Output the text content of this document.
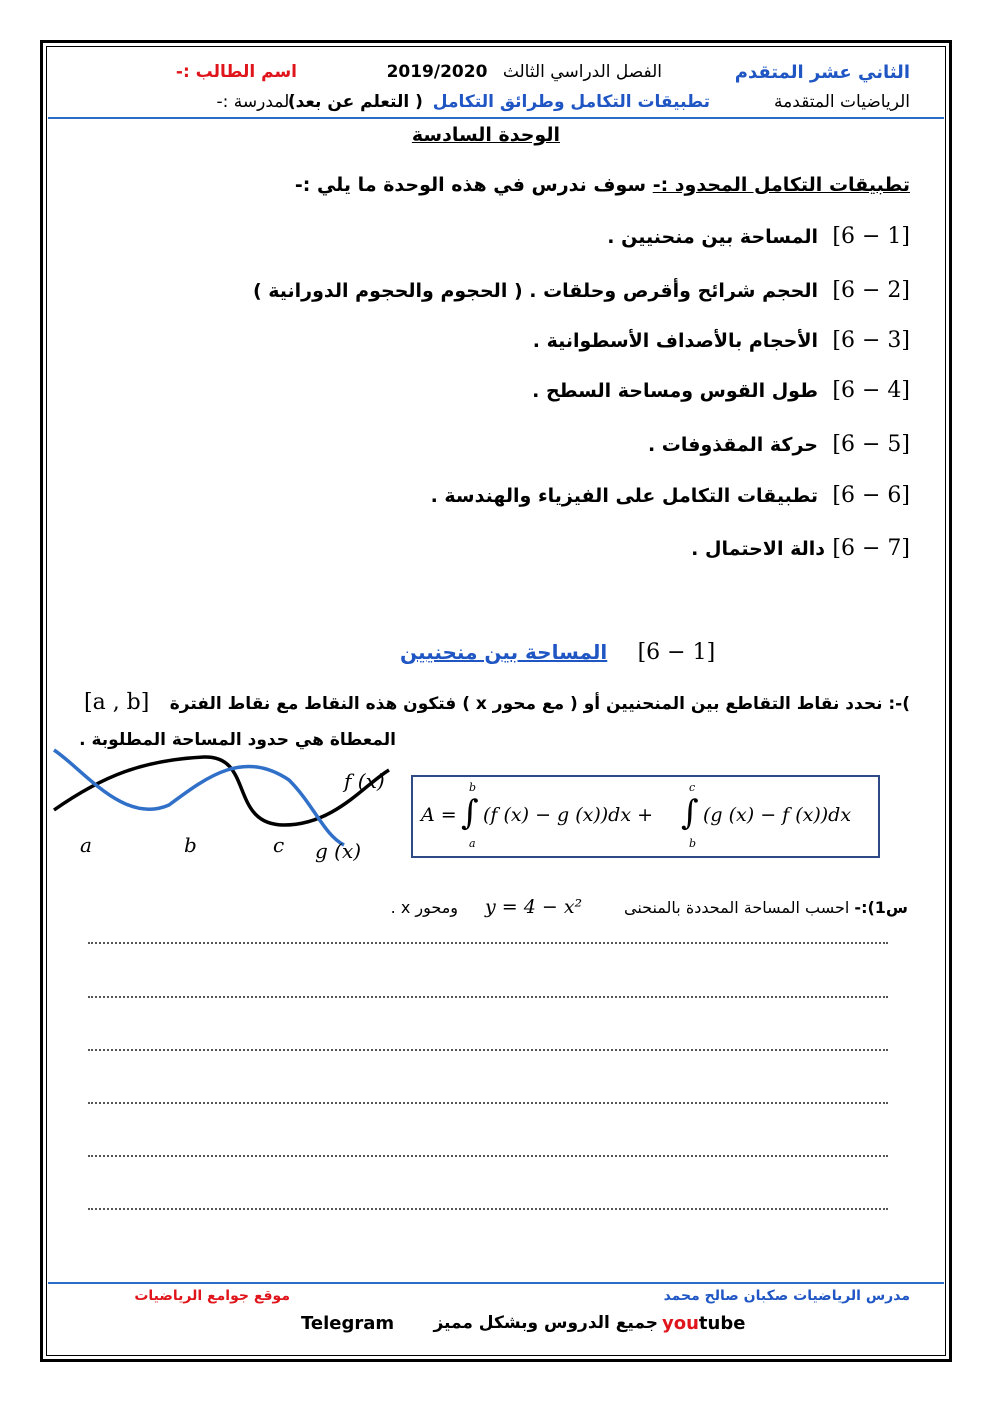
الثاني عشر المتقدم
الفصل الدراسي الثالث 2019/2020
اسم الطالب :-
الرياضيات المتقدمة
تطبيقات التكامل وطرائق التكامل ( التعلم عن بعد)
المدرسة :-
الوحدة السادسة
تطبيقات التكامل المحدود :- سوف ندرس في هذه الوحدة ما يلي :-
[6 − 1]
المساحة بين منحنيين .
[6 − 2]
الحجم شرائح وأقرص وحلقات . ( الحجوم والحجوم الدورانية )
[6 − 3]
الأحجام بالأصداف الأسطوانية .
[6 − 4]
طول القوس ومساحة السطح .
[6 − 5]
حركة المقذوفات .
[6 − 6]
تطبيقات التكامل على الفيزياء والهندسة .
[6 − 7]
دالة الاحتمال .
المساحة بين منحنيين [6 − 1]
)-: نحدد نقاط التقاطع بين المنحنيين أو ( مع محور x ) فتكون هذه النقاط مع نقاط الفترة
[a , b]
المعطاة هي حدود المساحة المطلوبة .
f (x)
g (x)
a	b	c
A = ∫
b
a
(f (x) − g (x))dx + ∫
c
b
(g (x) − f (x))dx
س1):- احسب المساحة المحددة بالمنحنى
y = 4 − x²
ومحور x .
مدرس الرياضيات صكبان صالح محمد
موقع جوامع الرياضيات
Telegram جميع الدروس وبشكل مميز youtube
